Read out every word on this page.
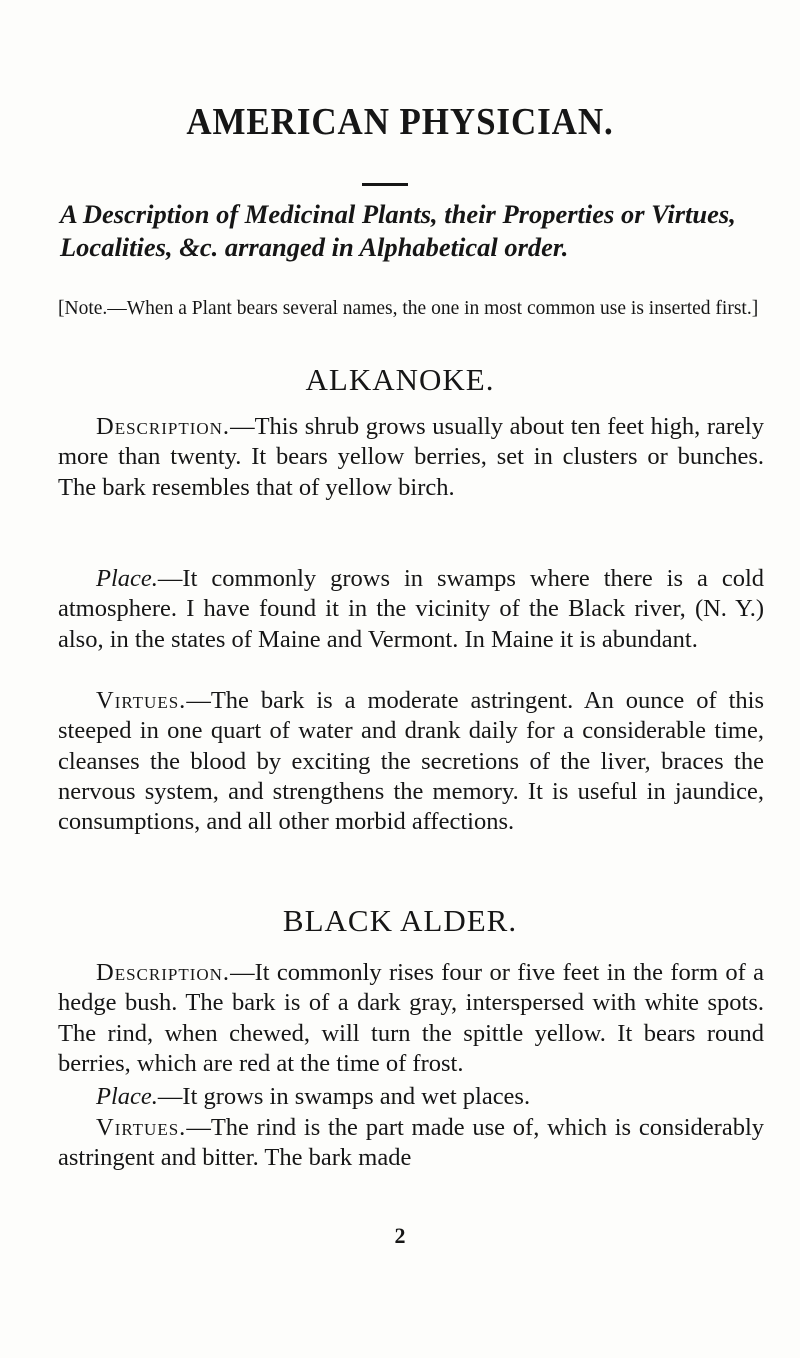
AMERICAN PHYSICIAN.
A Description of Medicinal Plants, their Properties or Virtues, Localities, &c. arranged in Alphabetical order.
[Note.—When a Plant bears several names, the one in most common use is inserted first.]
ALKANOKE.
Description.—This shrub grows usually about ten feet high, rarely more than twenty. It bears yellow berries, set in clusters or bunches. The bark resembles that of yellow birch.
Place.—It commonly grows in swamps where there is a cold atmosphere. I have found it in the vicinity of the Black river, (N. Y.) also, in the states of Maine and Vermont. In Maine it is abundant.
Virtues.—The bark is a moderate astringent. An ounce of this steeped in one quart of water and drank daily for a considerable time, cleanses the blood by exciting the secretions of the liver, braces the nervous system, and strengthens the memory. It is useful in jaundice, consumptions, and all other morbid affections.
BLACK ALDER.
Description.—It commonly rises four or five feet in the form of a hedge bush. The bark is of a dark gray, interspersed with white spots. The rind, when chewed, will turn the spittle yellow. It bears round berries, which are red at the time of frost.
Place.—It grows in swamps and wet places.
Virtues.—The rind is the part made use of, which is considerably astringent and bitter. The bark made
2
